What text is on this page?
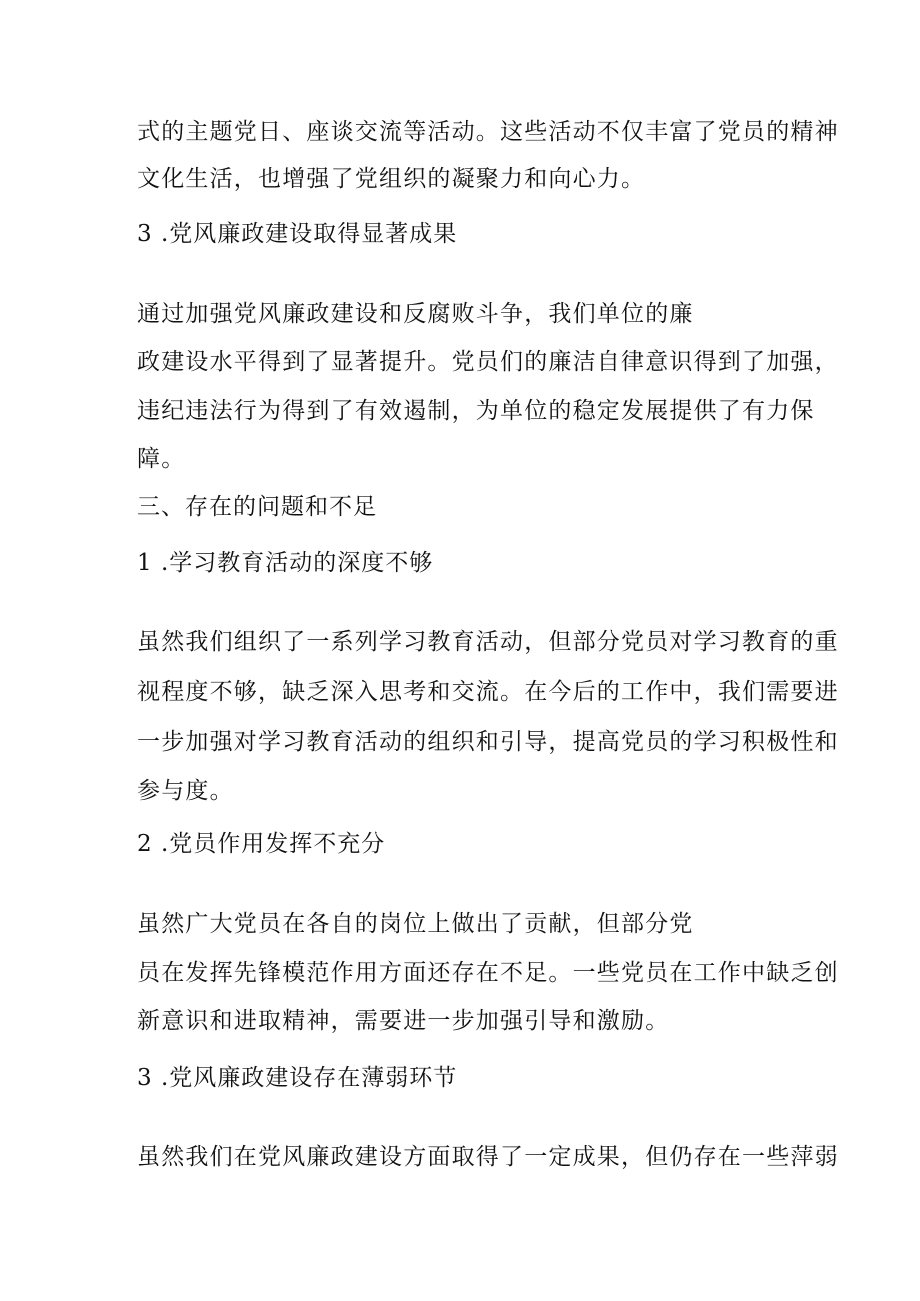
式的主题党日、座谈交流等活动。这些活动不仅丰富了党员的精神
文化生活，也增强了党组织的凝聚力和向心力。
3 .党风廉政建设取得显著成果
通过加强党风廉政建设和反腐败斗争，我们单位的廉
政建设水平得到了显著提升。党员们的廉洁自律意识得到了加强，
违纪违法行为得到了有效遏制，为单位的稳定发展提供了有力保
障。
三、存在的问题和不足
1 .学习教育活动的深度不够
虽然我们组织了一系列学习教育活动，但部分党员对学习教育的重
视程度不够，缺乏深入思考和交流。在今后的工作中，我们需要进
一步加强对学习教育活动的组织和引导，提高党员的学习积极性和
参与度。
2 .党员作用发挥不充分
虽然广大党员在各自的岗位上做出了贡献，但部分党
员在发挥先锋模范作用方面还存在不足。一些党员在工作中缺乏创
新意识和进取精神，需要进一步加强引导和激励。
3 .党风廉政建设存在薄弱环节
虽然我们在党风廉政建设方面取得了一定成果，但仍存在一些萍弱
